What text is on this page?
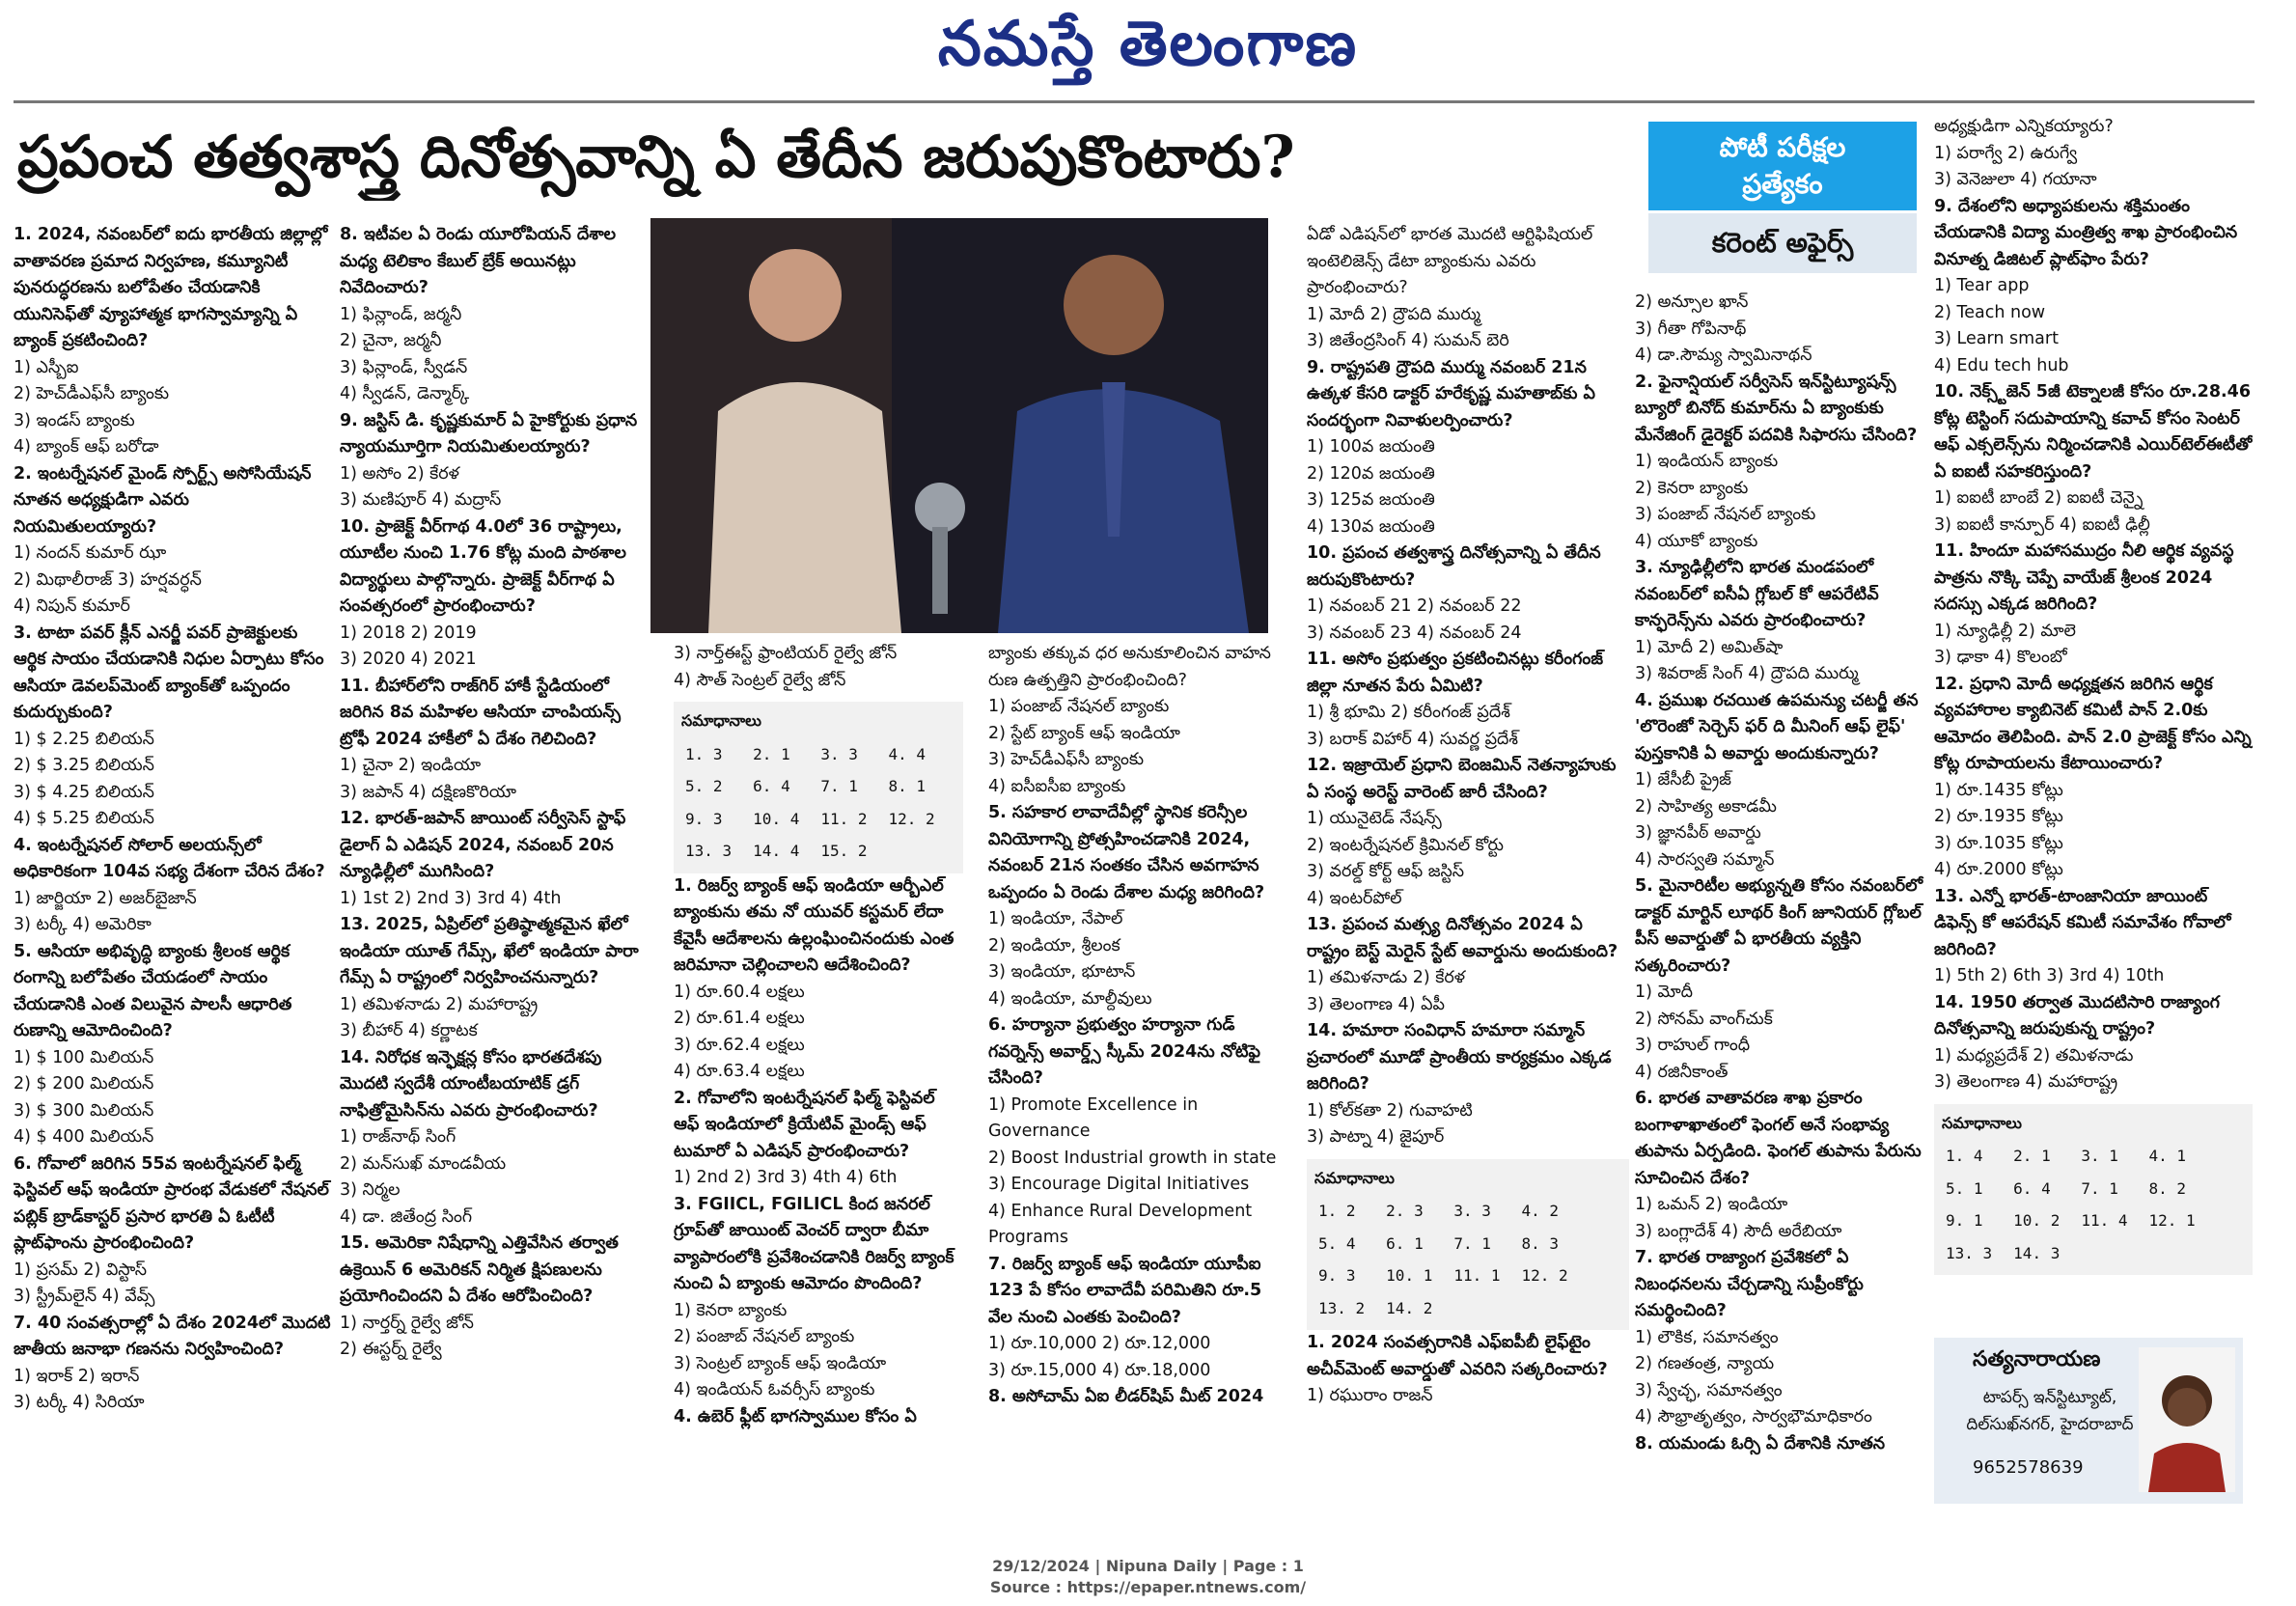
నమస్తే తెలంగాణ
ప్రపంచ తత్వశాస్త్ర దినోత్సవాన్ని ఏ తేదీన జరుపుకొంటారు?	పోటీ పరీక్షల
ప్రత్యేకం
కరెంట్ అఫైర్స్

1. 2024, నవంబర్‌లో ఐదు భారతీయ జిల్లాల్లో వాతావరణ ప్రమాద నిర్వహణ, కమ్యూనిటీ పునరుద్ధరణను బలోపేతం చేయడానికి యునిసెఫ్‌తో వ్యూహాత్మక భాగస్వామ్యాన్ని ఏ బ్యాంక్ ప్రకటించింది?

1) ఎస్బీఐ

2) హెచ్‌డీఎఫ్‌సీ బ్యాంకు

3) ఇండస్ బ్యాంకు

4) బ్యాంక్ ఆఫ్ బరోడా

2. ఇంటర్నేషనల్ మైండ్ స్పోర్ట్స్ అసోసియేషన్ నూతన అధ్యక్షుడిగా ఎవరు నియమితులయ్యారు?

1) నందన్ కుమార్ ఝా

2) మిథాలీరాజ్ 3) హర్షవర్ధన్

4) నిపున్ కుమార్

3. టాటా పవర్ క్లీన్ ఎనర్జీ పవర్ ప్రాజెక్టులకు ఆర్థిక సాయం చేయడానికి నిధుల ఏర్పాటు కోసం ఆసియా డెవలప్‌మెంట్ బ్యాంక్‌తో ఒప్పందం కుదుర్చుకుంది?

1) $ 2.25 బిలియన్

2) $ 3.25 బిలియన్

3) $ 4.25 బిలియన్

4) $ 5.25 బిలియన్

4. ఇంటర్నేషనల్ సోలార్ అలయన్స్‌లో అధికారికంగా 104వ సభ్య దేశంగా చేరిన దేశం?

1) జార్జియా 2) అజర్‌బైజాన్

3) టర్కీ 4) అమెరికా

5. ఆసియా అభివృద్ధి బ్యాంకు శ్రీలంక ఆర్థిక రంగాన్ని బలోపేతం చేయడంలో సాయం చేయడానికి ఎంత విలువైన పాలసీ ఆధారిత రుణాన్ని ఆమోదించింది?

1) $ 100 మిలియన్

2) $ 200 మిలియన్

3) $ 300 మిలియన్

4) $ 400 మిలియన్

6. గోవాలో జరిగిన 55వ ఇంటర్నేషనల్ ఫిల్మ్ ఫెస్టివల్ ఆఫ్ ఇండియా ప్రారంభ వేడుకలో నేషనల్ పబ్లిక్ బ్రాడ్‌కాస్టర్ ప్రసార భారతి ఏ ఓటీటీ ప్లాట్‌ఫాంను ప్రారంభించింది?

1) ప్రసమ్ 2) విస్టాస్

3) స్ట్రీమ్‌లైన్ 4) వేవ్స్

7. 40 సంవత్సరాల్లో ఏ దేశం 2024లో మొదటి జాతీయ జనాభా గణనను నిర్వహించింది?

1) ఇరాక్ 2) ఇరాన్

3) టర్కీ 4) సిరియా

8. ఇటీవల ఏ రెండు యూరోపియన్ దేశాల మధ్య టెలికాం కేబుల్ బ్రేక్ అయినట్లు నివేదించారు?

1) ఫిన్లాండ్, జర్మనీ

2) చైనా, జర్మనీ

3) ఫిన్లాండ్, స్వీడన్

4) స్వీడన్, డెన్మార్క్

9. జస్టిస్ డి. కృష్ణకుమార్ ఏ హైకోర్టుకు ప్రధాన న్యాయమూర్తిగా నియమితులయ్యారు?

1) అసోం 2) కేరళ

3) మణిపూర్ 4) మద్రాస్

10. ప్రాజెక్ట్ వీర్‌గాథ 4.0లో 36 రాష్ట్రాలు, యూటీల నుంచి 1.76 కోట్ల మంది పాఠశాల విద్యార్థులు పాల్గొన్నారు. ప్రాజెక్ట్ వీర్‌గాథ ఏ సంవత్సరంలో ప్రారంభించారు?

1) 2018 2) 2019

3) 2020 4) 2021

11. బీహార్‌లోని రాజ్‌గిర్ హాకీ స్టేడియంలో జరిగిన 8వ మహిళల ఆసియా చాంపియన్స్ ట్రోఫీ 2024 హాకీలో ఏ దేశం గెలిచింది?

1) చైనా 2) ఇండియా

3) జపాన్ 4) దక్షిణకొరియా

12. భారత్-జపాన్ జాయింట్ సర్వీసెస్ స్టాఫ్ డైలాగ్ ఏ ఎడిషన్ 2024, నవంబర్ 20న న్యూఢిల్లీలో ముగిసింది?

1) 1st 2) 2nd 3) 3rd 4) 4th

13. 2025, ఏప్రిల్‌లో ప్రతిష్ఠాత్మకమైన ఖేలో ఇండియా యూత్ గేమ్స్, ఖేలో ఇండియా పారా గేమ్స్ ఏ రాష్ట్రంలో నిర్వహించనున్నారు?

1) తమిళనాడు 2) మహారాష్ట్ర

3) బీహార్ 4) కర్ణాటక

14. నిరోధక ఇన్ఫెక్షన్ల కోసం భారతదేశపు మొదటి స్వదేశీ యాంటీబయాటిక్ డ్రగ్ నాఫిత్రోమైసిన్‌ను ఎవరు ప్రారంభించారు?

1) రాజ్‌నాథ్ సింగ్

2) మన్‌సుఖ్ మాండవీయ

3) నిర్మల

4) డా. జితేంద్ర సింగ్

15. అమెరికా నిషేధాన్ని ఎత్తివేసిన తర్వాత ఉక్రెయిన్ 6 అమెరికన్ నిర్మిత క్షిపణులను ప్రయోగించిందని ఏ దేశం ఆరోపించింది?

1) నార్తర్న్ రైల్వే జోన్

2) ఈస్టర్న్ రైల్వే

3) నార్త్‌ఈస్ట్ ఫ్రాంటియర్ రైల్వే జోన్

4) సౌత్ సెంట్రల్ రైల్వే జోన్

సమాధానాలు
1. 3	2. 1	3. 3	4. 4
5. 2	6. 4	7. 1	8. 1
9. 3	10. 4	11. 2	12. 2
13. 3	14. 4	15. 2	

1. రిజర్వ్ బ్యాంక్ ఆఫ్ ఇండియా ఆర్బీఎల్ బ్యాంకును తమ నో యువర్ కస్టమర్ లేదా కేవైసీ ఆదేశాలను ఉల్లంఘించినందుకు ఎంత జరిమానా చెల్లించాలని ఆదేశించింది?

1) రూ.60.4 లక్షలు

2) రూ.61.4 లక్షలు

3) రూ.62.4 లక్షలు

4) రూ.63.4 లక్షలు

2. గోవాలోని ఇంటర్నేషనల్ ఫిల్మ్ ఫెస్టివల్ ఆఫ్ ఇండియాలో క్రియేటివ్ మైండ్స్ ఆఫ్ టుమారో ఏ ఎడిషన్ ప్రారంభించారు?

1) 2nd 2) 3rd 3) 4th 4) 6th

3. FGIICL, FGILICL కింద జనరల్ గ్రూప్‌తో జాయింట్ వెంచర్ ద్వారా బీమా వ్యాపారంలోకి ప్రవేశించడానికి రిజర్వ్ బ్యాంక్ నుంచి ఏ బ్యాంకు ఆమోదం పొందింది?

1) కెనరా బ్యాంకు

2) పంజాబ్ నేషనల్ బ్యాంకు

3) సెంట్రల్ బ్యాంక్ ఆఫ్ ఇండియా

4) ఇండియన్ ఓవర్సీస్ బ్యాంకు

4. ఉబెర్ ఫ్లీట్ భాగస్వాముల కోసం ఏ

బ్యాంకు తక్కువ ధర అనుకూలించిన వాహన రుణ ఉత్పత్తిని ప్రారంభించింది?

1) పంజాబ్ నేషనల్ బ్యాంకు

2) స్టేట్ బ్యాంక్ ఆఫ్ ఇండియా

3) హెచ్‌డీఎఫ్‌సీ బ్యాంకు

4) ఐసీఐసీఐ బ్యాంకు

5. సహకార లావాదేవీల్లో స్థానిక కరెన్సీల వినియోగాన్ని ప్రోత్సహించడానికి 2024, నవంబర్ 21న సంతకం చేసిన అవగాహన ఒప్పందం ఏ రెండు దేశాల మధ్య జరిగింది?

1) ఇండియా, నేపాల్

2) ఇండియా, శ్రీలంక

3) ఇండియా, భూటాన్

4) ఇండియా, మాల్దీవులు

6. హర్యానా ప్రభుత్వం హర్యానా గుడ్ గవర్నెన్స్ అవార్డ్స్ స్కీమ్ 2024ను నోటిఫై చేసింది?

1) Promote Excellence in Governance

2) Boost Industrial growth in state

3) Encourage Digital Initiatives

4) Enhance Rural Development Programs

7. రిజర్వ్ బ్యాంక్ ఆఫ్ ఇండియా యూపీఐ 123 పే కోసం లావాదేవీ పరిమితిని రూ.5 వేల నుంచి ఎంతకు పెంచింది?

1) రూ.10,000 2) రూ.12,000

3) రూ.15,000 4) రూ.18,000

8. అసోచామ్ ఏఐ లీడర్‌షిప్ మీట్ 2024

ఏడో ఎడిషన్‌లో భారత మొదటి ఆర్టిఫిషియల్ ఇంటెలిజెన్స్ డేటా బ్యాంకును ఎవరు ప్రారంభించారు?

1) మోదీ 2) ద్రౌపది ముర్ము

3) జితేంద్రసింగ్ 4) సుమన్ బెరి

9. రాష్ట్రపతి ద్రౌపది ముర్ము నవంబర్ 21న ఉత్కళ కేసరి డాక్టర్ హరేకృష్ణ మహతాబ్‌కు ఏ సందర్భంగా నివాళులర్పించారు?

1) 100వ జయంతి

2) 120వ జయంతి

3) 125వ జయంతి

4) 130వ జయంతి

10. ప్రపంచ తత్వశాస్త్ర దినోత్సవాన్ని ఏ తేదీన జరుపుకొంటారు?

1) నవంబర్ 21 2) నవంబర్ 22

3) నవంబర్ 23 4) నవంబర్ 24

11. అసోం ప్రభుత్వం ప్రకటించినట్లు కరీంగంజ్ జిల్లా నూతన పేరు ఏమిటి?

1) శ్రీ భూమి 2) కరీంగంజ్ ప్రదేశ్

3) బరాక్ విహార్ 4) సువర్ణ ప్రదేశ్

12. ఇజ్రాయెల్ ప్రధాని బెంజమిన్ నెతన్యాహుకు ఏ సంస్థ అరెస్ట్ వారెంట్ జారీ చేసింది?

1) యునైటెడ్ నేషన్స్

2) ఇంటర్నేషనల్ క్రిమినల్ కోర్టు

3) వరల్డ్ కోర్ట్ ఆఫ్ జస్టిస్

4) ఇంటర్‌పోల్

13. ప్రపంచ మత్స్య దినోత్సవం 2024 ఏ రాష్ట్రం బెస్ట్ మెరైన్ స్టేట్ అవార్డును అందుకుంది?

1) తమిళనాడు 2) కేరళ

3) తెలంగాణ 4) ఏపీ

14. హమారా సంవిధాన్ హమారా సమ్మాన్ ప్రచారంలో మూడో ప్రాంతీయ కార్యక్రమం ఎక్కడ జరిగింది?

1) కోల్‌కతా 2) గువాహటి

3) పాట్నా 4) జైపూర్

సమాధానాలు
1. 2	2. 3	3. 3	4. 2
5. 4	6. 1	7. 1	8. 3
9. 3	10. 1	11. 1	12. 2
13. 2	14. 2		

1. 2024 సంవత్సరానికి ఎఫ్‌ఐపీబీ లైఫ్‌టైం అచీవ్‌మెంట్ అవార్డుతో ఎవరిని సత్కరించారు?

1) రఘురాం రాజన్

2) అన్సూల ఖాన్

3) గీతా గోపినాథ్

4) డా.సౌమ్య స్వామినాథన్

2. ఫైనాన్షియల్ సర్వీసెస్ ఇన్‌స్టిట్యూషన్స్ బ్యూరో బినోద్ కుమార్‌ను ఏ బ్యాంకుకు మేనేజింగ్ డైరెక్టర్ పదవికి సిఫారసు చేసింది?

1) ఇండియన్ బ్యాంకు

2) కెనరా బ్యాంకు

3) పంజాబ్ నేషనల్ బ్యాంకు

4) యూకో బ్యాంకు

3. న్యూఢిల్లీలోని భారత మండపంలో నవంబర్‌లో ఐసీఏ గ్లోబల్ కో ఆపరేటివ్ కాన్ఫరెన్స్‌ను ఎవరు ప్రారంభించారు?

1) మోదీ 2) అమిత్‌షా

3) శివరాజ్ సింగ్ 4) ద్రౌపది ముర్ము

4. ప్రముఖ రచయిత ఉపమన్యు చటర్జీ తన 'లొరెంజో సెర్చెస్ ఫర్ ది మీనింగ్ ఆఫ్ లైఫ్' పుస్తకానికి ఏ అవార్డు అందుకున్నారు?

1) జేసీబీ ప్రైజ్

2) సాహిత్య అకాడమీ

3) జ్ఞానపీఠ్ అవార్డు

4) సారస్వతి సమ్మాన్

5. మైనారిటీల అభ్యున్నతి కోసం నవంబర్‌లో డాక్టర్ మార్టిన్ లూథర్ కింగ్ జూనియర్ గ్లోబల్ పీస్ అవార్డుతో ఏ భారతీయ వ్యక్తిని సత్కరించారు?

1) మోదీ

2) సోనమ్ వాంగ్‌చుక్

3) రాహుల్ గాంధీ

4) రజినీకాంత్

6. భారత వాతావరణ శాఖ ప్రకారం బంగాళాఖాతంలో ఫెంగల్ అనే సంభావ్య తుపాను ఏర్పడింది. ఫెంగల్ తుపాను పేరును సూచించిన దేశం?

1) ఒమన్ 2) ఇండియా

3) బంగ్లాదేశ్ 4) సౌదీ అరేబియా

7. భారత రాజ్యాంగ ప్రవేశికలో ఏ నిబంధనలను చేర్చడాన్ని సుప్రీంకోర్టు సమర్థించింది?

1) లౌకిక, సమానత్వం

2) గణతంత్ర, న్యాయ

3) స్వేచ్ఛ, సమానత్వం

4) సౌభ్రాతృత్వం, సార్వభౌమాధికారం

8. యమండు ఓర్సి ఏ దేశానికి నూతన

అధ్యక్షుడిగా ఎన్నికయ్యారు?

1) పరాగ్వే 2) ఉరుగ్వే

3) వెనెజులా 4) గయానా

9. దేశంలోని అధ్యాపకులను శక్తిమంతం చేయడానికి విద్యా మంత్రిత్వ శాఖ ప్రారంభించిన వినూత్న డిజిటల్ ప్లాట్‌ఫాం పేరు?

1) Tear app

2) Teach now

3) Learn smart

4) Edu tech hub

10. నెక్స్ట్‌జెన్ 5జీ టెక్నాలజీ కోసం రూ.28.46 కోట్ల టెస్టింగ్ సదుపాయాన్ని కవాచ్ కోసం సెంటర్ ఆఫ్ ఎక్సలెన్స్‌ను నిర్మించడానికి ఎయిర్‌టెల్‌ఈటీతో ఏ ఐఐటీ సహకరిస్తుంది?

1) ఐఐటీ బాంబే 2) ఐఐటీ చెన్నై

3) ఐఐటీ కాన్పూర్ 4) ఐఐటీ ఢిల్లీ

11. హిందూ మహాసముద్రం నీలి ఆర్థిక వ్యవస్థ పాత్రను నొక్కి చెప్పే వాయేజ్ శ్రీలంక 2024 సదస్సు ఎక్కడ జరిగింది?

1) న్యూఢిల్లీ 2) మాలె

3) ఢాకా 4) కొలంబో

12. ప్రధాని మోదీ అధ్యక్షతన జరిగిన ఆర్థిక వ్యవహారాల క్యాబినెట్ కమిటీ పాన్ 2.0కు ఆమోదం తెలిపింది. పాన్ 2.0 ప్రాజెక్ట్ కోసం ఎన్ని కోట్ల రూపాయలను కేటాయించారు?

1) రూ.1435 కోట్లు

2) రూ.1935 కోట్లు

3) రూ.1035 కోట్లు

4) రూ.2000 కోట్లు

13. ఎన్నో భారత్-టాంజానియా జాయింట్ డిఫెన్స్ కో ఆపరేషన్ కమిటీ సమావేశం గోవాలో జరిగింది?

1) 5th 2) 6th 3) 3rd 4) 10th

14. 1950 తర్వాత మొదటిసారి రాజ్యాంగ దినోత్సవాన్ని జరుపుకున్న రాష్ట్రం?

1) మధ్యప్రదేశ్ 2) తమిళనాడు

3) తెలంగాణ 4) మహారాష్ట్ర

సమాధానాలు
1. 4	2. 1	3. 1	4. 1
5. 1	6. 4	7. 1	8. 2
9. 1	10. 2	11. 4	12. 1
13. 3	14. 3		
సత్యనారాయణ
టాపర్స్ ఇన్‌స్టిట్యూట్,
దిల్‌సుఖ్‌నగర్, హైదరాబాద్
9652578639
29/12/2024 | Nipuna Daily | Page : 1
Source : https://epaper.ntnews.com/
